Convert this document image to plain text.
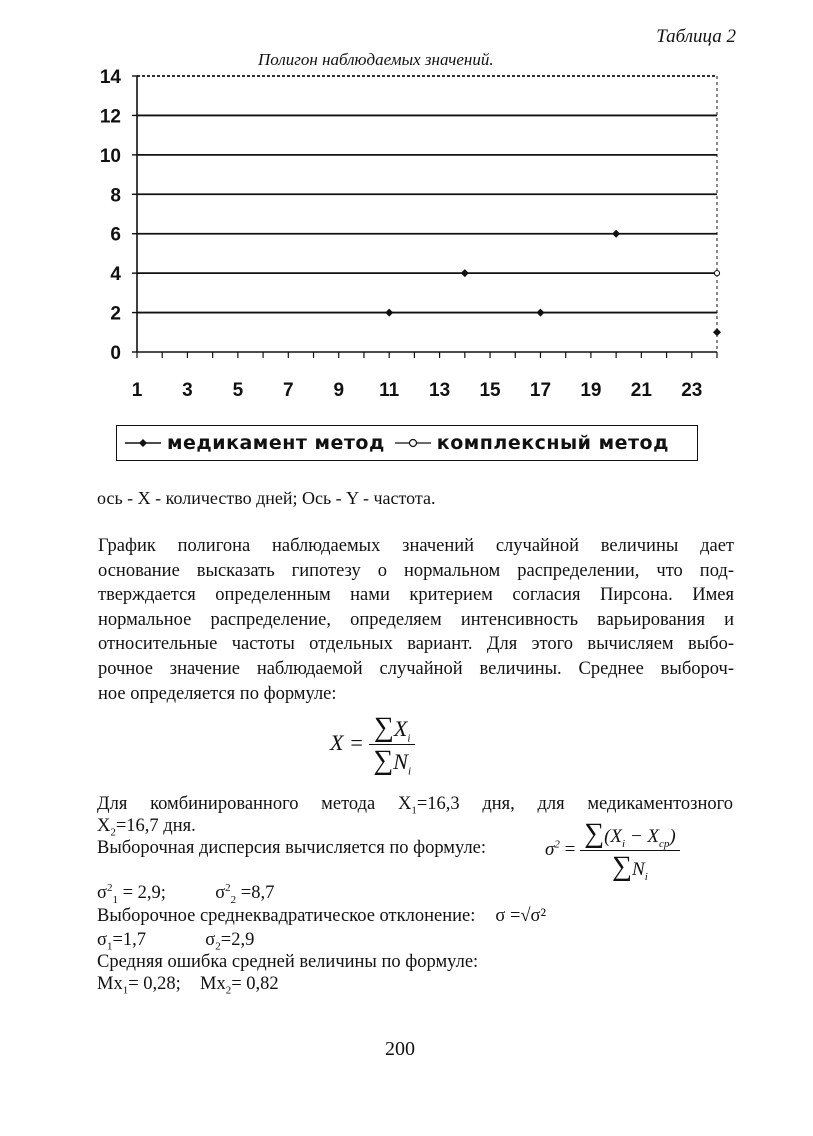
Таблица 2
Полигон наблюдаемых значений.
0
2
4
6
8
10
12
14
1 3 5 7 9 11 13 15 17 19 21 23
медикамент метод	комплексный метод
ось - X - количество дней; Ось - Y - частота.
График полигона наблюдаемых значений случайной величины дает
основание высказать гипотезу о нормальном распределении, что под-
тверждается определенным нами критерием согласия Пирсона. Имея
нормальное распределение, определяем интенсивность варьирования и
относительные частоты отдельных вариант. Для этого вычисляем выбо-
рочное значение наблюдаемой случайной величины. Среднее выбороч-
ное определяется по формуле:
$X = \frac{\sum X_i}{\sum N_i}$
Для комбинированного метода $X_1=16,3$ дня, для медикаментозного
$X_2=16,7$ дня.
Выборочная дисперсия вычисляется по формуле:	$\sigma^2 = \frac{\sum(X_i - X_{cp})}{\sum N_i}$
$\sigma^2_1 = 2,9$;	$\sigma^2_2 =8,7$
Выборочное среднеквадратическое отклонение: σ =√σ²
$\sigma_1=1,7$	$\sigma_2=2,9$
Средняя ошибка средней величины по формуле:
$Mx_1= 0,28$; $Mx_2= 0,82$
200
